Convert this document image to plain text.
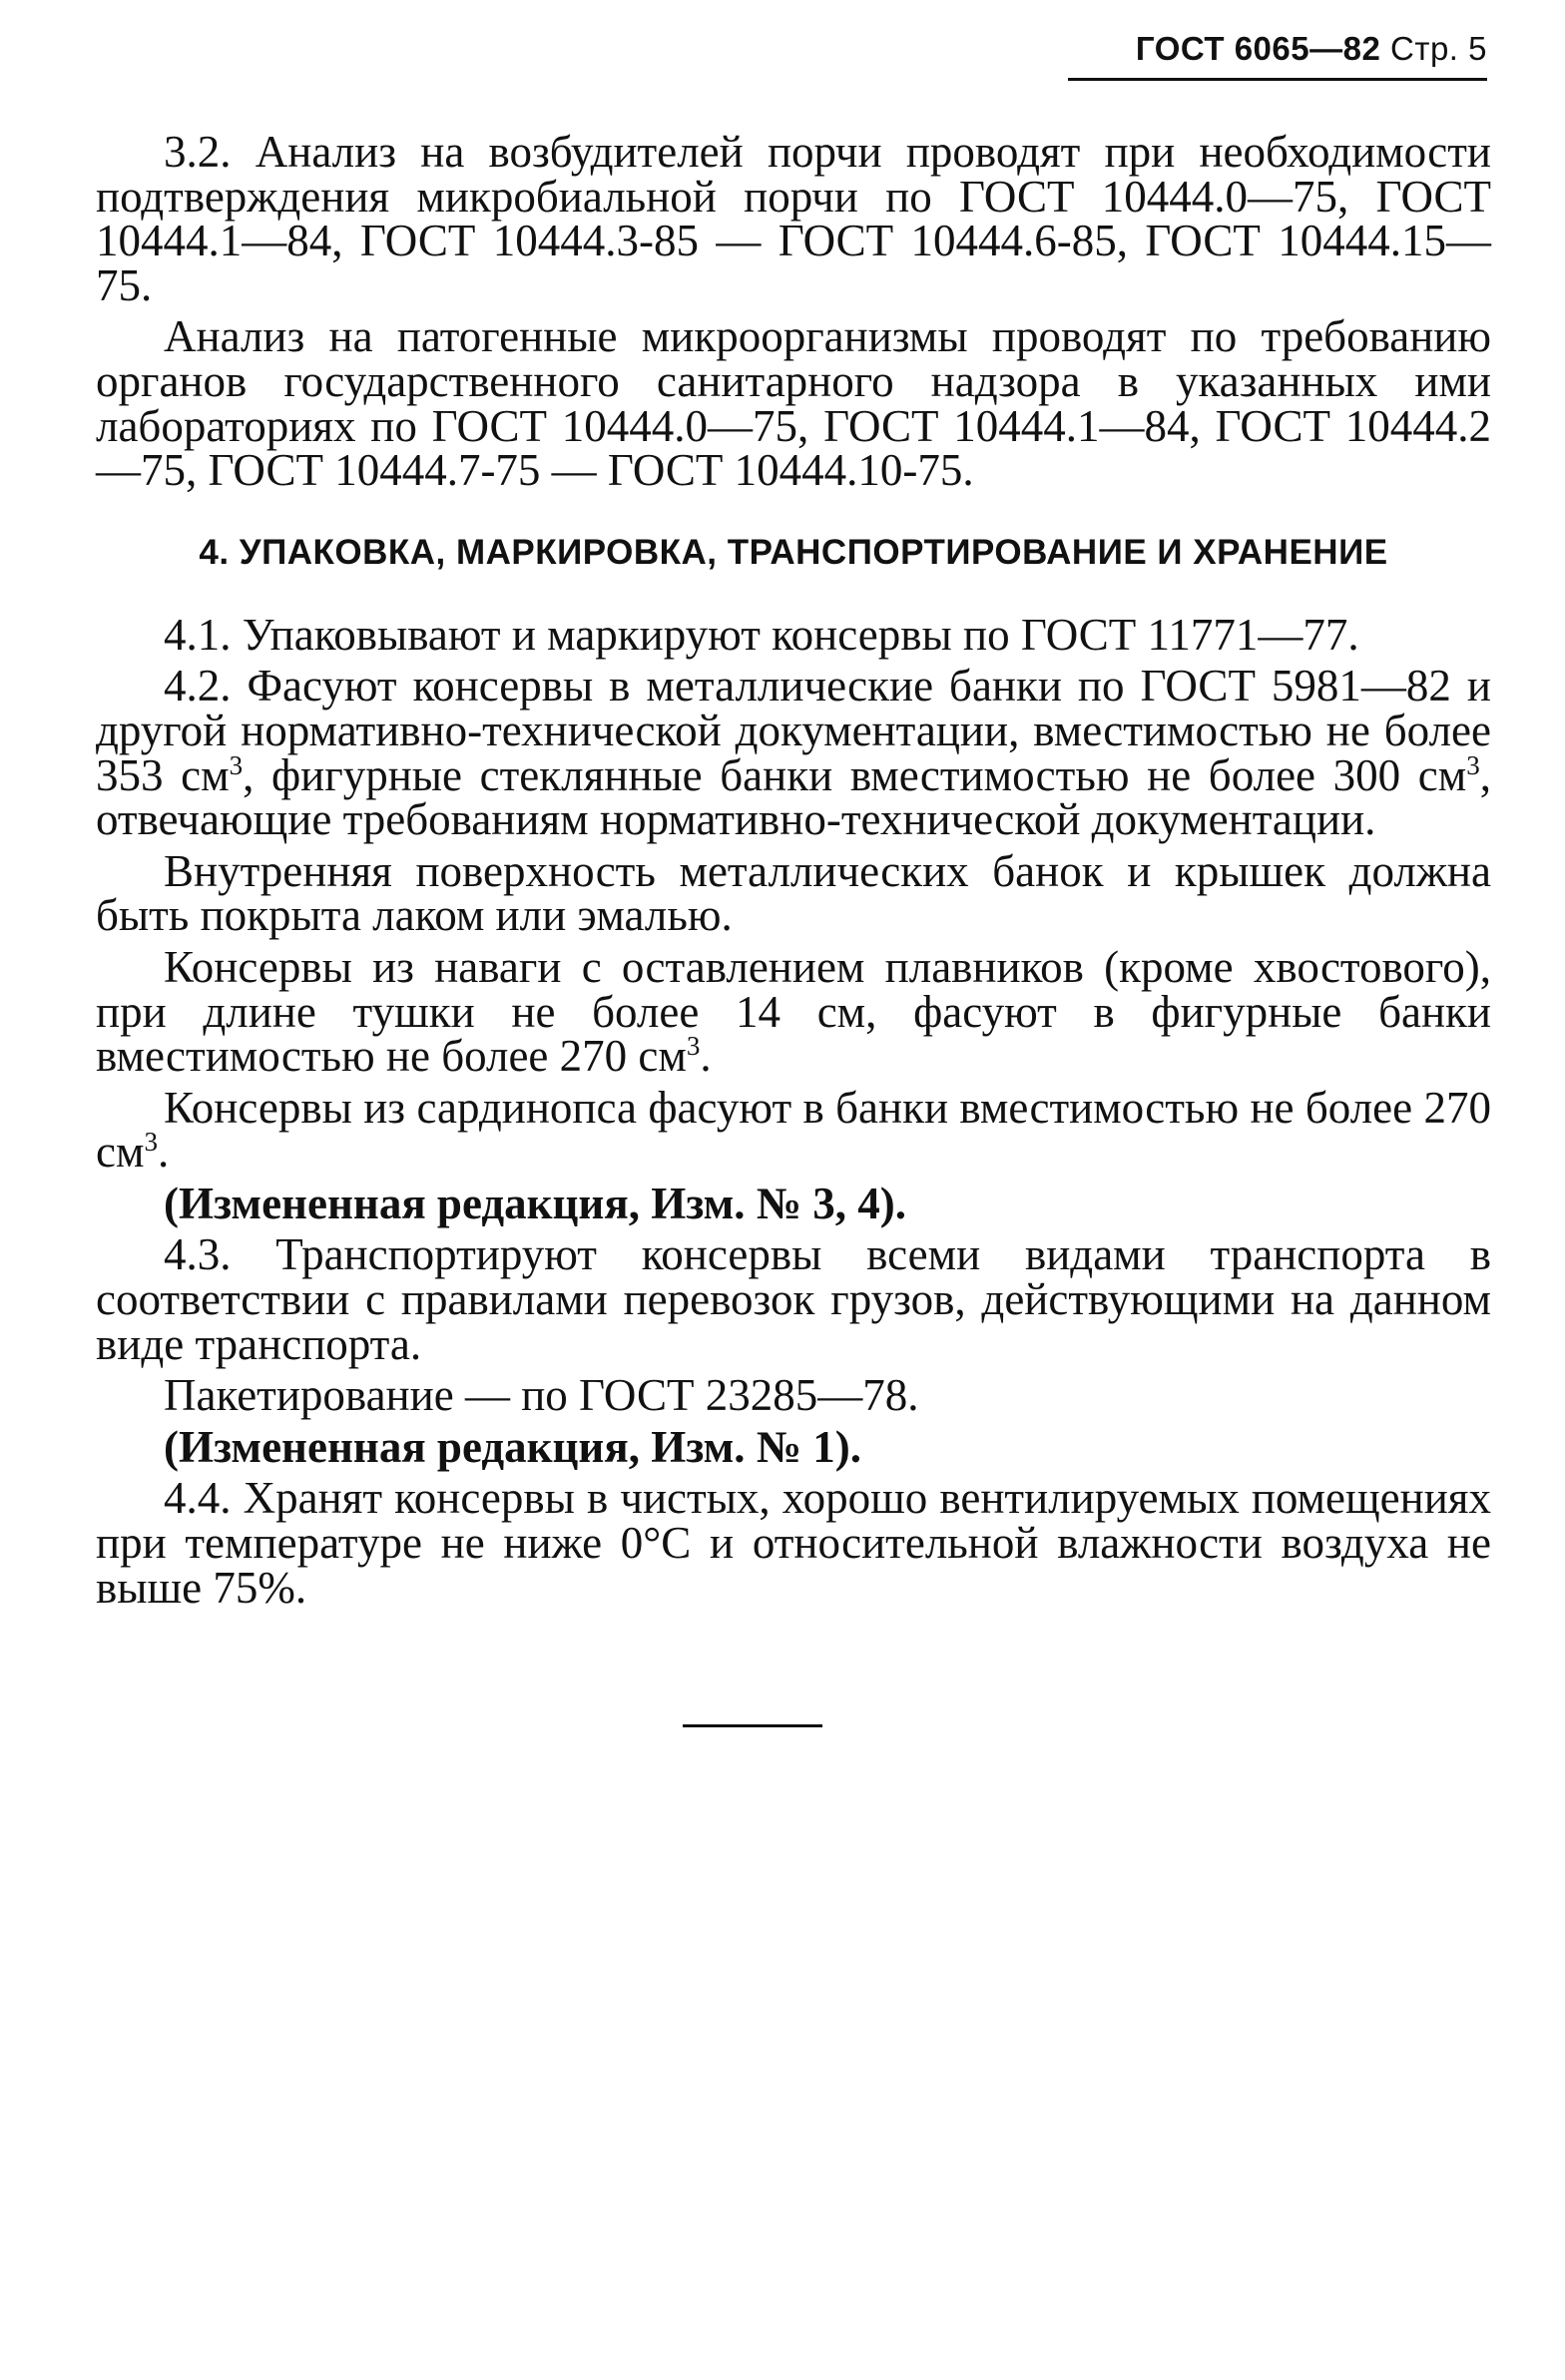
ГОСТ 6065—82 Стр. 5

3.2. Анализ на возбудителей порчи проводят при необходимости подтверждения микробиальной порчи по ГОСТ 10444.0—75, ГОСТ 10444.1—84, ГОСТ 10444.3-85 — ГОСТ 10444.6-85, ГОСТ 10444.15—75.

Анализ на патогенные микроорганизмы проводят по требованию органов государственного санитарного надзора в указанных ими лабораториях по ГОСТ 10444.0—75, ГОСТ 10444.1—84, ГОСТ 10444.2—75, ГОСТ 10444.7-75 — ГОСТ 10444.10-75.

4. УПАКОВКА, МАРКИРОВКА, ТРАНСПОРТИРОВАНИЕ И ХРАНЕНИЕ

4.1. Упаковывают и маркируют консервы по ГОСТ 11771—77.

4.2. Фасуют консервы в металлические банки по ГОСТ 5981—82 и другой нормативно-технической документации, вместимостью не более 353 $см^3$, фигурные стеклянные банки вместимостью не более 300 $см^3$, отвечающие требованиям нормативно-технической документации.

Внутренняя поверхность металлических банок и крышек должна быть покрыта лаком или эмалью.

Консервы из наваги с оставлением плавников (кроме хвостового), при длине тушки не более 14 см, фасуют в фигурные банки вместимостью не более 270 $см^3$.

Консервы из сардинопса фасуют в банки вместимостью не более 270 $см^3$.

(Измененная редакция, Изм. № 3, 4).

4.3. Транспортируют консервы всеми видами транспорта в соответствии с правилами перевозок грузов, действующими на данном виде транспорта.

Пакетирование — по ГОСТ 23285—78.

(Измененная редакция, Изм. № 1).

4.4. Хранят консервы в чистых, хорошо вентилируемых помещениях при температуре не ниже 0°С и относительной влажности воздуха не выше 75%.
